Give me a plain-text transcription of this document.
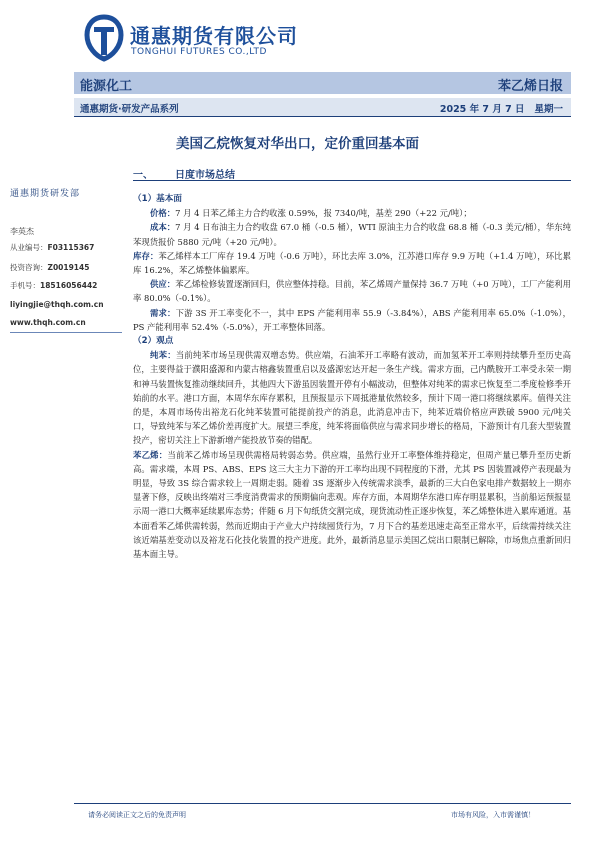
通惠期货有限公司
TONGHUI FUTURES CO.,LTD
能源化工	苯乙烯日报
通惠期货·研发产品系列	2025 年 7 月 7 日 星期一
美国乙烷恢复对华出口，定价重回基本面
一、 日度市场总结
通惠期货研发部
李英杰
从业编号：F03115367
投资咨询：Z0019145
手机号：18516056442
liyingjie@thqh.com.cn
www.thqh.com.cn

（1）基本面

价格：7 月 4 日苯乙烯主力合约收涨 0.59%，报 7340/吨，基差 290（+22 元/吨）；

成本：7 月 4 日布油主力合约收盘 67.0 桶（-0.5 桶），WTI 原油主力合约收盘 68.8 桶（-0.3 美元/桶），华东纯苯现货报价 5880 元/吨（+20 元/吨）。

库存：苯乙烯样本工厂库存 19.4 万吨（-0.6 万吨），环比去库 3.0%，江苏港口库存 9.9 万吨（+1.4 万吨），环比累库 16.2%，苯乙烯整体偏累库。

供应：苯乙烯检修装置逐渐回归，供应整体持稳。目前，苯乙烯周产量保持 36.7 万吨（+0 万吨），工厂产能利用率 80.0%（-0.1%）。

需求：下游 3S 开工率变化不一，其中 EPS 产能利用率 55.9（-3.84%），ABS 产能利用率 65.0%（-1.0%），PS 产能利用率 52.4%（-5.0%），开工率整体回落。

（2）观点

纯苯：当前纯苯市场呈现供需双增态势。供应端，石油苯开工率略有波动，而加氢苯开工率则持续攀升至历史高位，主要得益于濮阳盛源和内蒙古榕鑫装置重启以及盛源宏达开起一条生产线。需求方面，己内酰胺开工率受永荣一期和神马装置恢复推动继续回升，其他四大下游虽因装置开停有小幅波动，但整体对纯苯的需求已恢复至二季度检修季开始前的水平。港口方面，本周华东库存累积，且预报显示下周抵港量依然较多，预计下周一港口将继续累库。值得关注的是，本周市场传出裕龙石化纯苯装置可能提前投产的消息，此消息冲击下，纯苯近端价格应声跌破 5900 元/吨关口，导致纯苯与苯乙烯价差再度扩大。展望三季度，纯苯将面临供应与需求同步增长的格局，下游预计有几套大型装置投产，密切关注上下游新增产能投放节奏的错配。

苯乙烯：当前苯乙烯市场呈现供需格局转弱态势。供应端，虽然行业开工率整体维持稳定，但周产量已攀升至历史新高。需求端，本周 PS、ABS、EPS 这三大主力下游的开工率均出现不同程度的下滑，尤其 PS 因装置减停产表现最为明显，导致 3S 综合需求较上一周期走弱。随着 3S 逐渐步入传统需求淡季，最新的三大白色家电排产数据较上一期亦显著下修，反映出终端对三季度消费需求的预期偏向悲观。库存方面，本周期华东港口库存明显累积，当前船运预报显示周一港口大概率延续累库态势；伴随 6 月下旬纸货交割完成，现货流动性正逐步恢复，苯乙烯整体进入累库通道。基本面看苯乙烯供需转弱，然而近期由于产业大户持续囤货行为，7 月下合约基差迅速走高至正常水平，后续需持续关注该近端基差变动以及裕龙石化技化装置的投产进度。此外，最新消息显示美国乙烷出口限制已解除，市场焦点重新回归基本面主导。

请务必阅读正文之后的免责声明	市场有风险，入市需谨慎！
